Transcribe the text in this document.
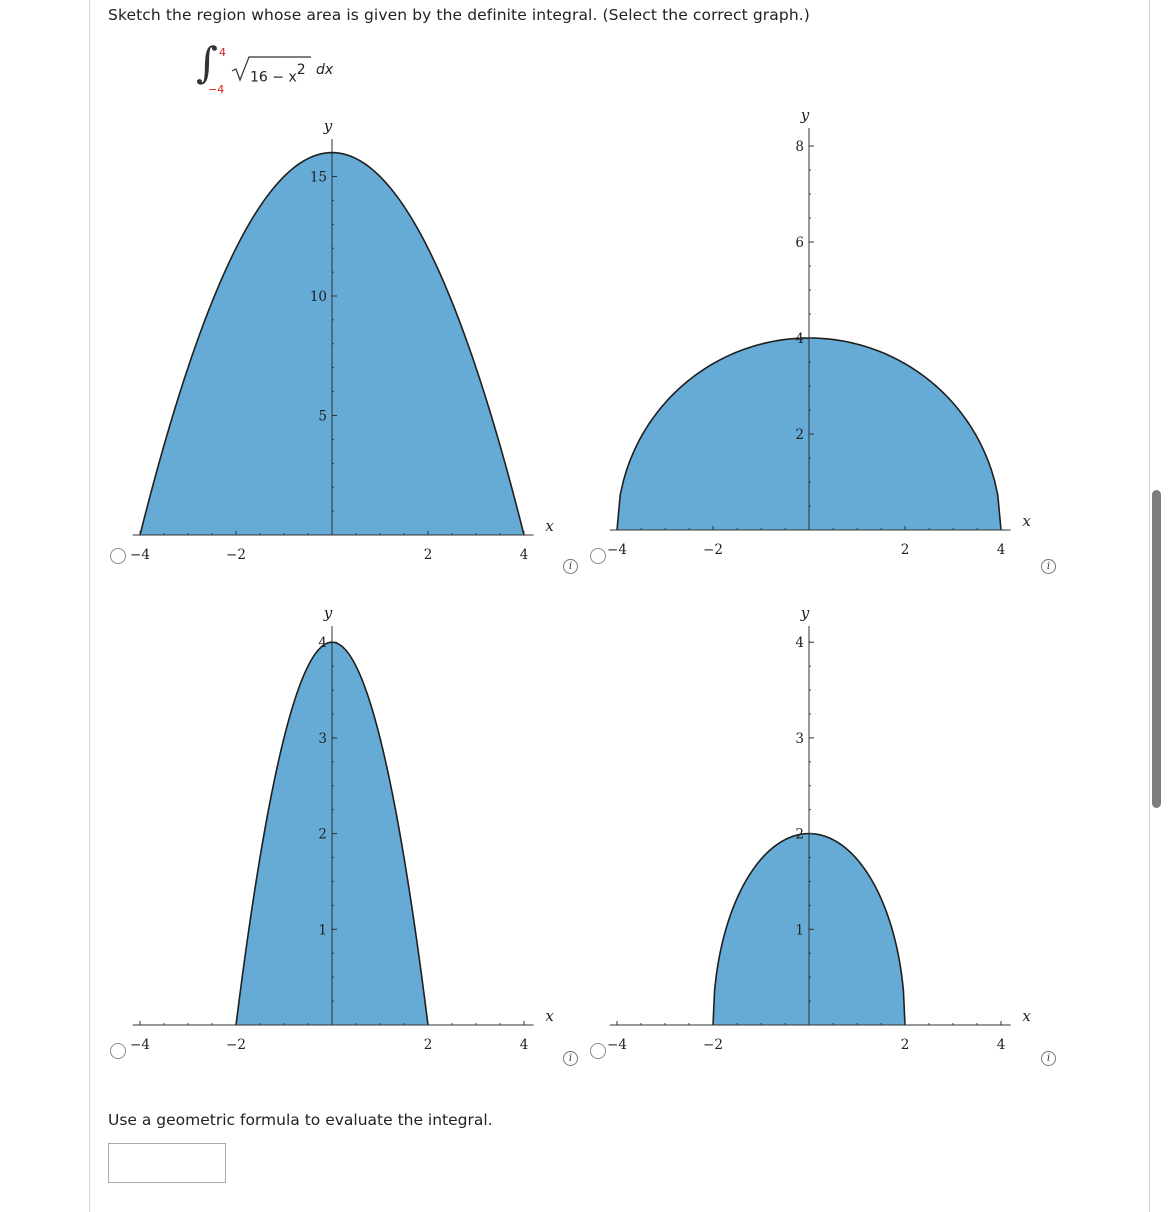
Sketch the region whose area is given by the definite integral. (Select the correct graph.)
∫ 4
−4
$16 - x^2$ dx
x
y
−4	−2	2	4
5
10
15
i
x
y
−4	−2	2	4
2
4
6
8
i
x
y
−4	−2	2	4
1
2
3
4
i
x
y
−4	−2	2	4
1
2
3
4
i
Use a geometric formula to evaluate the integral.
